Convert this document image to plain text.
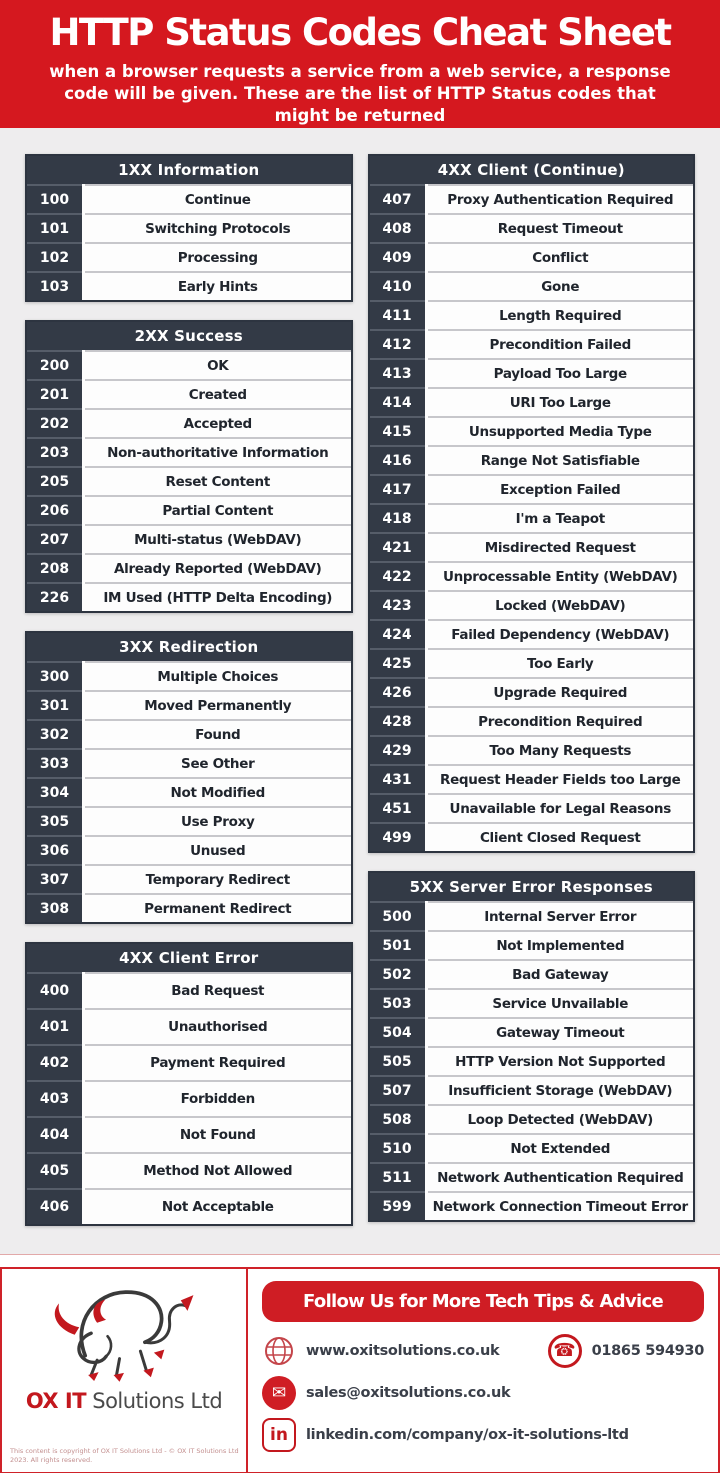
HTTP Status Codes Cheat Sheet

when a browser requests a service from a web service, a response code will be given. These are the list of HTTP Status codes that might be returned

1XX Information
100	Continue
101	Switching Protocols
102	Processing
103	Early Hints
2XX Success
200	OK
201	Created
202	Accepted
203	Non-authoritative Information
205	Reset Content
206	Partial Content
207	Multi-status (WebDAV)
208	Already Reported (WebDAV)
226	IM Used (HTTP Delta Encoding)
3XX Redirection
300	Multiple Choices
301	Moved Permanently
302	Found
303	See Other
304	Not Modified
305	Use Proxy
306	Unused
307	Temporary Redirect
308	Permanent Redirect
4XX Client Error
400	Bad Request
401	Unauthorised
402	Payment Required
403	Forbidden
404	Not Found
405	Method Not Allowed
406	Not Acceptable
4XX Client (Continue)
407	Proxy Authentication Required
408	Request Timeout
409	Conflict
410	Gone
411	Length Required
412	Precondition Failed
413	Payload Too Large
414	URI Too Large
415	Unsupported Media Type
416	Range Not Satisfiable
417	Exception Failed
418	I'm a Teapot
421	Misdirected Request
422	Unprocessable Entity (WebDAV)
423	Locked (WebDAV)
424	Failed Dependency (WebDAV)
425	Too Early
426	Upgrade Required
428	Precondition Required
429	Too Many Requests
431	Request Header Fields too Large
451	Unavailable for Legal Reasons
499	Client Closed Request
5XX Server Error Responses
500	Internal Server Error
501	Not Implemented
502	Bad Gateway
503	Service Unvailable
504	Gateway Timeout
505	HTTP Version Not Supported
507	Insufficient Storage (WebDAV)
508	Loop Detected (WebDAV)
510	Not Extended
511	Network Authentication Required
599	Network Connection Timeout Error
OX IT Solutions Ltd
This content is copyright of OX IT Solutions Ltd - © OX IT Solutions Ltd 2023. All rights reserved.
Follow Us for More Tech Tips & Advice
www.oxitsolutions.co.uk	☎	01865 594930
✉	sales@oxitsolutions.co.uk
in	linkedin.com/company/ox-it-solutions-ltd
